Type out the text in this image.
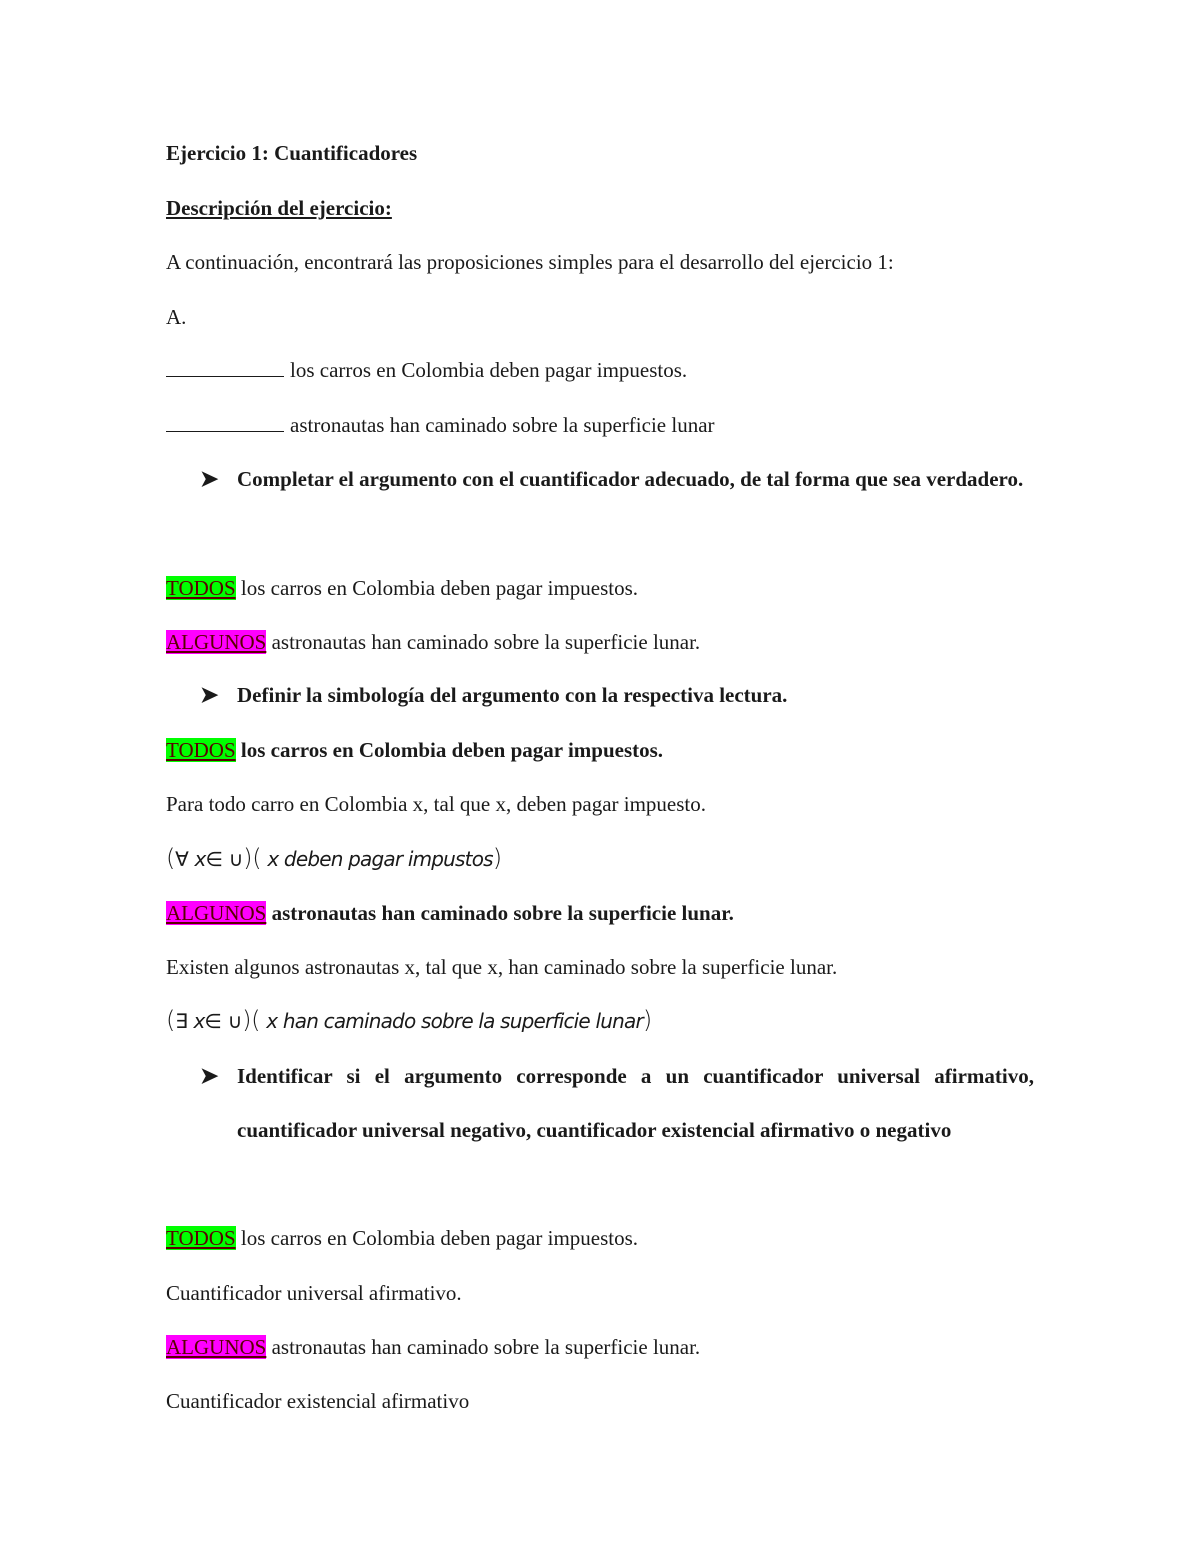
Ejercicio 1: Cuantificadores
Descripción del ejercicio:
A continuación, encontrará las proposiciones simples para el desarrollo del ejercicio 1:
A.
los carros en Colombia deben pagar impuestos.
astronautas han caminado sobre la superficie lunar
➤ Completar el argumento con el cuantificador adecuado, de tal forma que sea verdadero.
TODOS los carros en Colombia deben pagar impuestos.
ALGUNOS astronautas han caminado sobre la superficie lunar.
➤ Definir la simbología del argumento con la respectiva lectura.
TODOS los carros en Colombia deben pagar impuestos.
Para todo carro en Colombia x, tal que x, deben pagar impuesto.
(∀ x∈ ∪)( x deben pagar impustos)
ALGUNOS astronautas han caminado sobre la superficie lunar.
Existen algunos astronautas x, tal que x, han caminado sobre la superficie lunar.
(∃ x∈ ∪)( x han caminado sobre la superficie lunar)
➤ Identificar si el argumento corresponde a un cuantificador universal afirmativo, cuantificador universal negativo, cuantificador existencial afirmativo o negativo
TODOS los carros en Colombia deben pagar impuestos.
Cuantificador universal afirmativo.
ALGUNOS astronautas han caminado sobre la superficie lunar.
Cuantificador existencial afirmativo
